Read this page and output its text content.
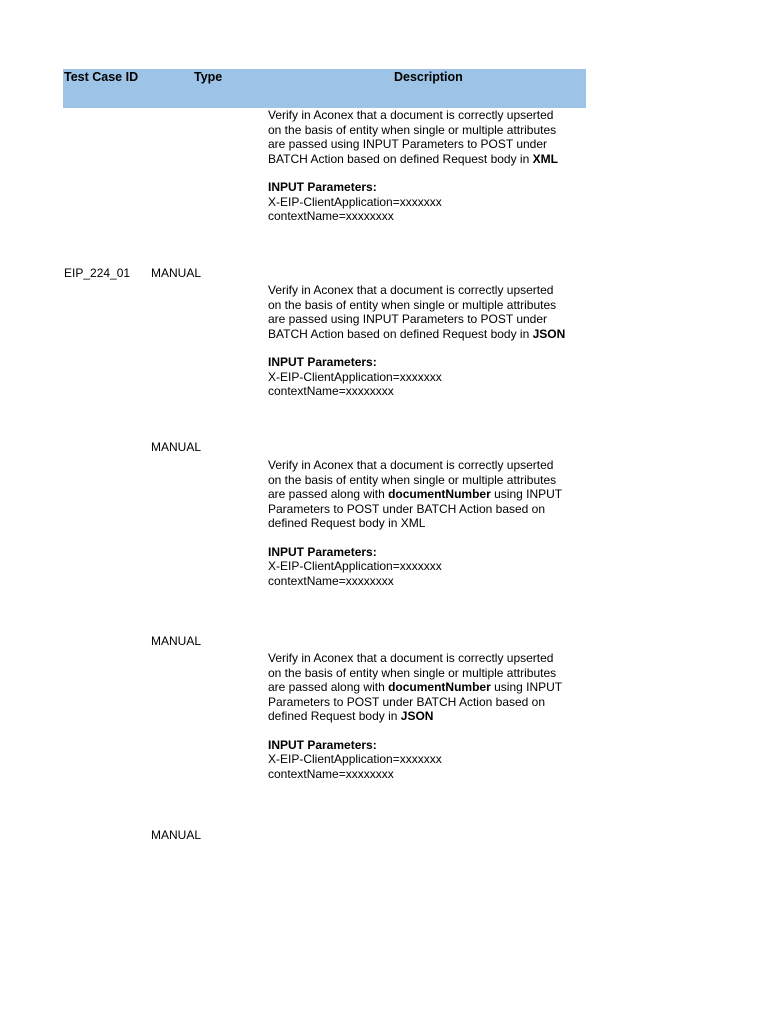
Test Case ID	Type	Description

Verify in Aconex that a document is correctly upserted

on the basis of entity when single or multiple attributes

are passed using INPUT Parameters to POST under

BATCH Action based on defined Request body in XML

INPUT Parameters:

X-EIP-ClientApplication=xxxxxxx

contextName=xxxxxxxx

EIP_224_01 MANUAL

Verify in Aconex that a document is correctly upserted

on the basis of entity when single or multiple attributes

are passed using INPUT Parameters to POST under

BATCH Action based on defined Request body in JSON

INPUT Parameters:

X-EIP-ClientApplication=xxxxxxx

contextName=xxxxxxxx

MANUAL

Verify in Aconex that a document is correctly upserted

on the basis of entity when single or multiple attributes

are passed along with documentNumber using INPUT

Parameters to POST under BATCH Action based on

defined Request body in XML

INPUT Parameters:

X-EIP-ClientApplication=xxxxxxx

contextName=xxxxxxxx

MANUAL

Verify in Aconex that a document is correctly upserted

on the basis of entity when single or multiple attributes

are passed along with documentNumber using INPUT

Parameters to POST under BATCH Action based on

defined Request body in JSON

INPUT Parameters:

X-EIP-ClientApplication=xxxxxxx

contextName=xxxxxxxx

MANUAL
